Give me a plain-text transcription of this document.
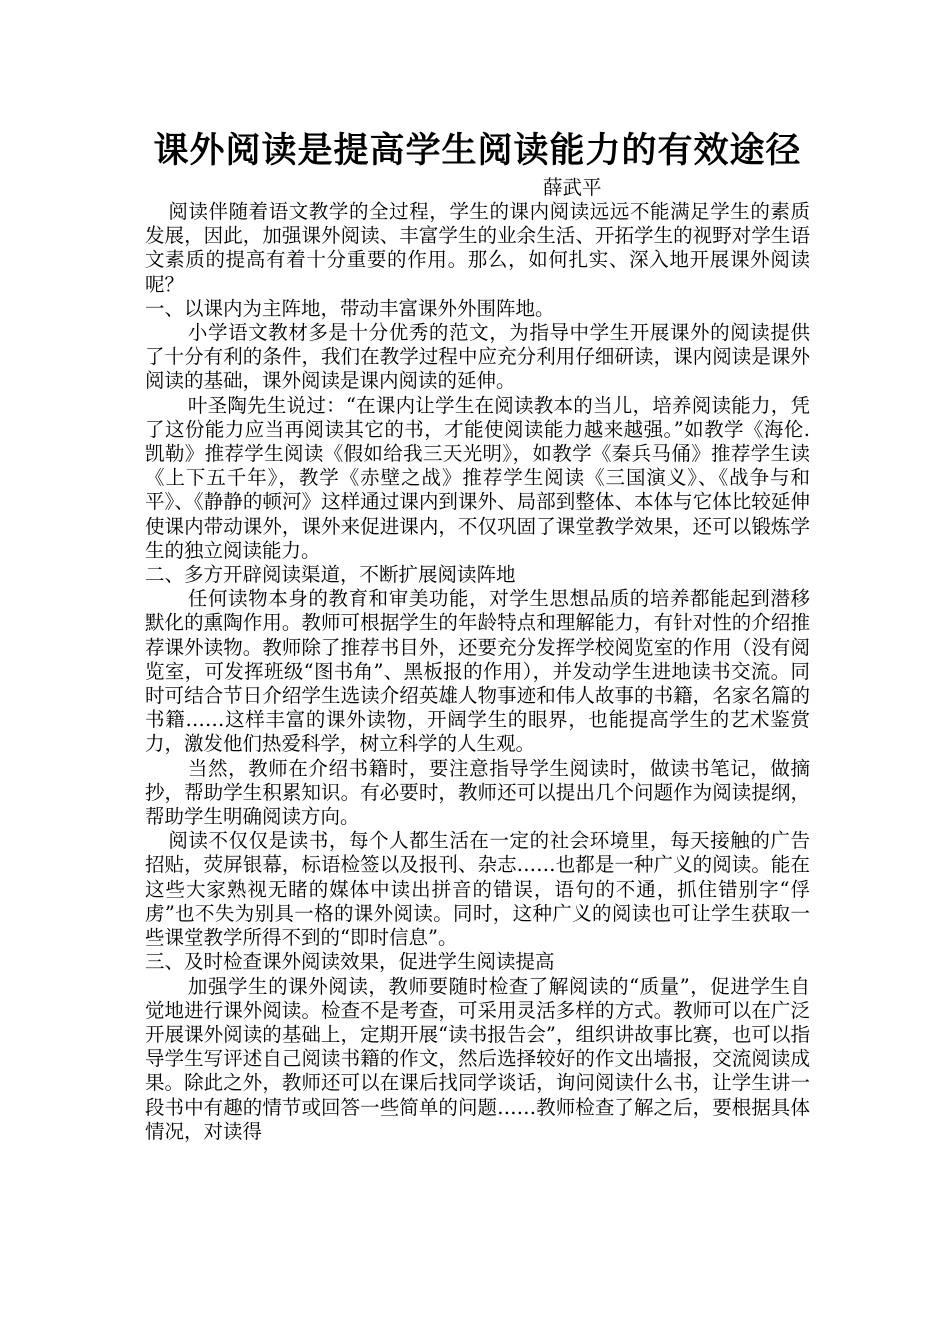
课外阅读是提高学生阅读能力的有效途径

薛武平

阅读伴随着语文教学的全过程，学生的课内阅读远远不能满足学生的素质发展，因此，加强课外阅读、丰富学生的业余生活、开拓学生的视野对学生语文素质的提高有着十分重要的作用。那么，如何扎实、深入地开展课外阅读呢？

一、以课内为主阵地，带动丰富课外外围阵地。

小学语文教材多是十分优秀的范文，为指导中学生开展课外的阅读提供了十分有利的条件，我们在教学过程中应充分利用仔细研读，课内阅读是课外阅读的基础，课外阅读是课内阅读的延伸。

叶圣陶先生说过：“在课内让学生在阅读教本的当儿，培养阅读能力，凭了这份能力应当再阅读其它的书，才能使阅读能力越来越强。”如教学《海伦.凯勒》推荐学生阅读《假如给我三天光明》，如教学《秦兵马俑》推荐学生读《上下五千年》，教学《赤壁之战》推荐学生阅读《三国演义》、《战争与和平》、《静静的顿河》这样通过课内到课外、局部到整体、本体与它体比较延伸使课内带动课外，课外来促进课内，不仅巩固了课堂教学效果，还可以锻炼学生的独立阅读能力。

二、多方开辟阅读渠道，不断扩展阅读阵地

任何读物本身的教育和审美功能，对学生思想品质的培养都能起到潜移默化的熏陶作用。教师可根据学生的年龄特点和理解能力，有针对性的介绍推荐课外读物。教师除了推荐书目外，还要充分发挥学校阅览室的作用（没有阅览室，可发挥班级“图书角”、黑板报的作用），并发动学生进地读书交流。同时可结合节日介绍学生选读介绍英雄人物事迹和伟人故事的书籍，名家名篇的书籍……这样丰富的课外读物，开阔学生的眼界，也能提高学生的艺术鉴赏力，激发他们热爱科学，树立科学的人生观。

当然，教师在介绍书籍时，要注意指导学生阅读时，做读书笔记，做摘抄，帮助学生积累知识。有必要时，教师还可以提出几个问题作为阅读提纲，帮助学生明确阅读方向。

阅读不仅仅是读书，每个人都生活在一定的社会环境里，每天接触的广告招贴，荧屏银幕，标语检签以及报刊、杂志……也都是一种广义的阅读。能在这些大家熟视无睹的媒体中读出拼音的错误，语句的不通，抓住错别字“俘虏”也不失为别具一格的课外阅读。同时，这种广义的阅读也可让学生获取一些课堂教学所得不到的“即时信息”。

三、及时检查课外阅读效果，促进学生阅读提高

加强学生的课外阅读，教师要随时检查了解阅读的“质量”，促进学生自觉地进行课外阅读。检查不是考查，可采用灵活多样的方式。教师可以在广泛开展课外阅读的基础上，定期开展“读书报告会”，组织讲故事比赛，也可以指导学生写评述自己阅读书籍的作文，然后选择较好的作文出墙报，交流阅读成果。除此之外，教师还可以在课后找同学谈话，询问阅读什么书，让学生讲一段书中有趣的情节或回答一些简单的问题……教师检查了解之后，要根据具体情况，对读得
